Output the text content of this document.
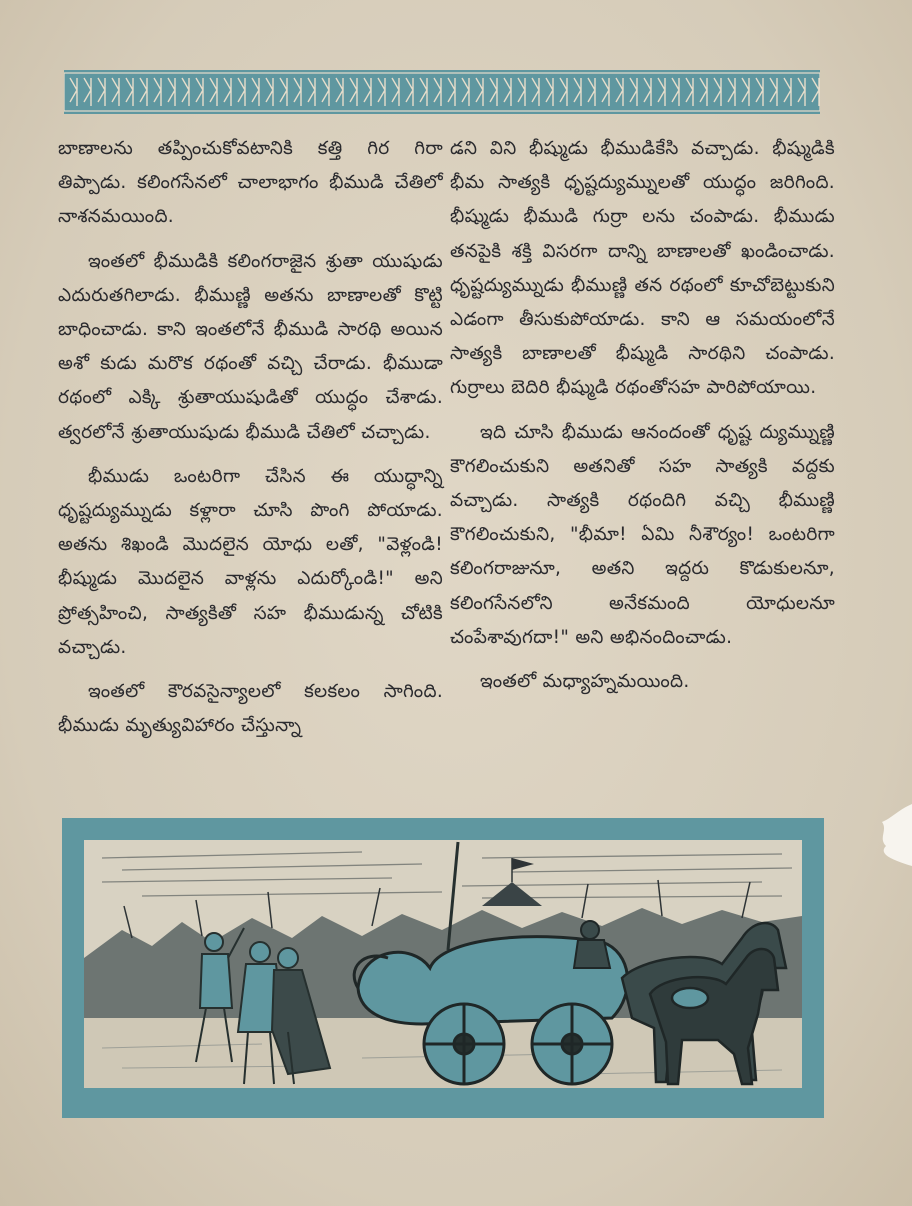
బాణాలను తప్పించుకోవటానికి కత్తి గిర గిరా తిప్పాడు. కలింగసేనలో చాలాభాగం భీముడి చేతిలో నాశనమయింది.

ఇంతలో భీముడికి కలింగరాజైన శ్రుతా యుషుడు ఎదురుతగిలాడు. భీముణ్ణి అతను బాణాలతో కొట్టి బాధించాడు. కాని ఇంతలోనే భీముడి సారథి అయిన అశో కుడు మరొక రథంతో వచ్చి చేరాడు. భీముడా రథంలో ఎక్కి శ్రుతాయుషుడితో యుద్ధం చేశాడు. త్వరలోనే శ్రుతాయుషుడు భీముడి చేతిలో చచ్చాడు.

భీముడు ఒంటరిగా చేసిన ఈ యుద్ధాన్ని ధృష్టద్యుమ్నుడు కళ్లారా చూసి పొంగి పోయాడు. అతను శిఖండి మొదలైన యోధు లతో, "వెళ్లండి! భీష్ముడు మొదలైన వాళ్లను ఎదుర్కోండి!" అని ప్రోత్సహించి, సాత్యకితో సహ భీముడున్న చోటికి వచ్చాడు.

ఇంతలో కౌరవసైన్యాలలో కలకలం సాగింది. భీముడు మృత్యువిహారం చేస్తున్నా

డని విని భీష్ముడు భీముడికేసి వచ్చాడు. భీష్ముడికి భీమ సాత్యకి ధృష్టద్యుమ్నులతో యుద్ధం జరిగింది. భీష్ముడు భీముడి గుర్రా లను చంపాడు. భీముడు తనపైకి శక్తి విసరగా దాన్ని బాణాలతో ఖండించాడు. ధృష్టద్యుమ్నుడు భీముణ్ణి తన రథంలో కూచోబెట్టుకుని ఎడంగా తీసుకుపోయాడు. కాని ఆ సమయంలోనే సాత్యకి బాణాలతో భీష్ముడి సారథిని చంపాడు. గుర్రాలు బెదిరి భీష్ముడి రథంతోసహ పారిపోయాయి.

ఇది చూసి భీముడు ఆనందంతో ధృష్ట ద్యుమ్నుణ్ణి కౌగలించుకుని అతనితో సహ సాత్యకి వద్దకు వచ్చాడు. సాత్యకి రథందిగి వచ్చి భీముణ్ణి కౌగలించుకుని, "భీమా! ఏమి నీశౌర్యం! ఒంటరిగా కలింగరాజునూ, అతని ఇద్దరు కొడుకులనూ, కలింగసేనలోని అనేకమంది యోధులనూ చంపేశావుగదా!" అని అభినందించాడు.

ఇంతలో మధ్యాహ్నమయింది.
